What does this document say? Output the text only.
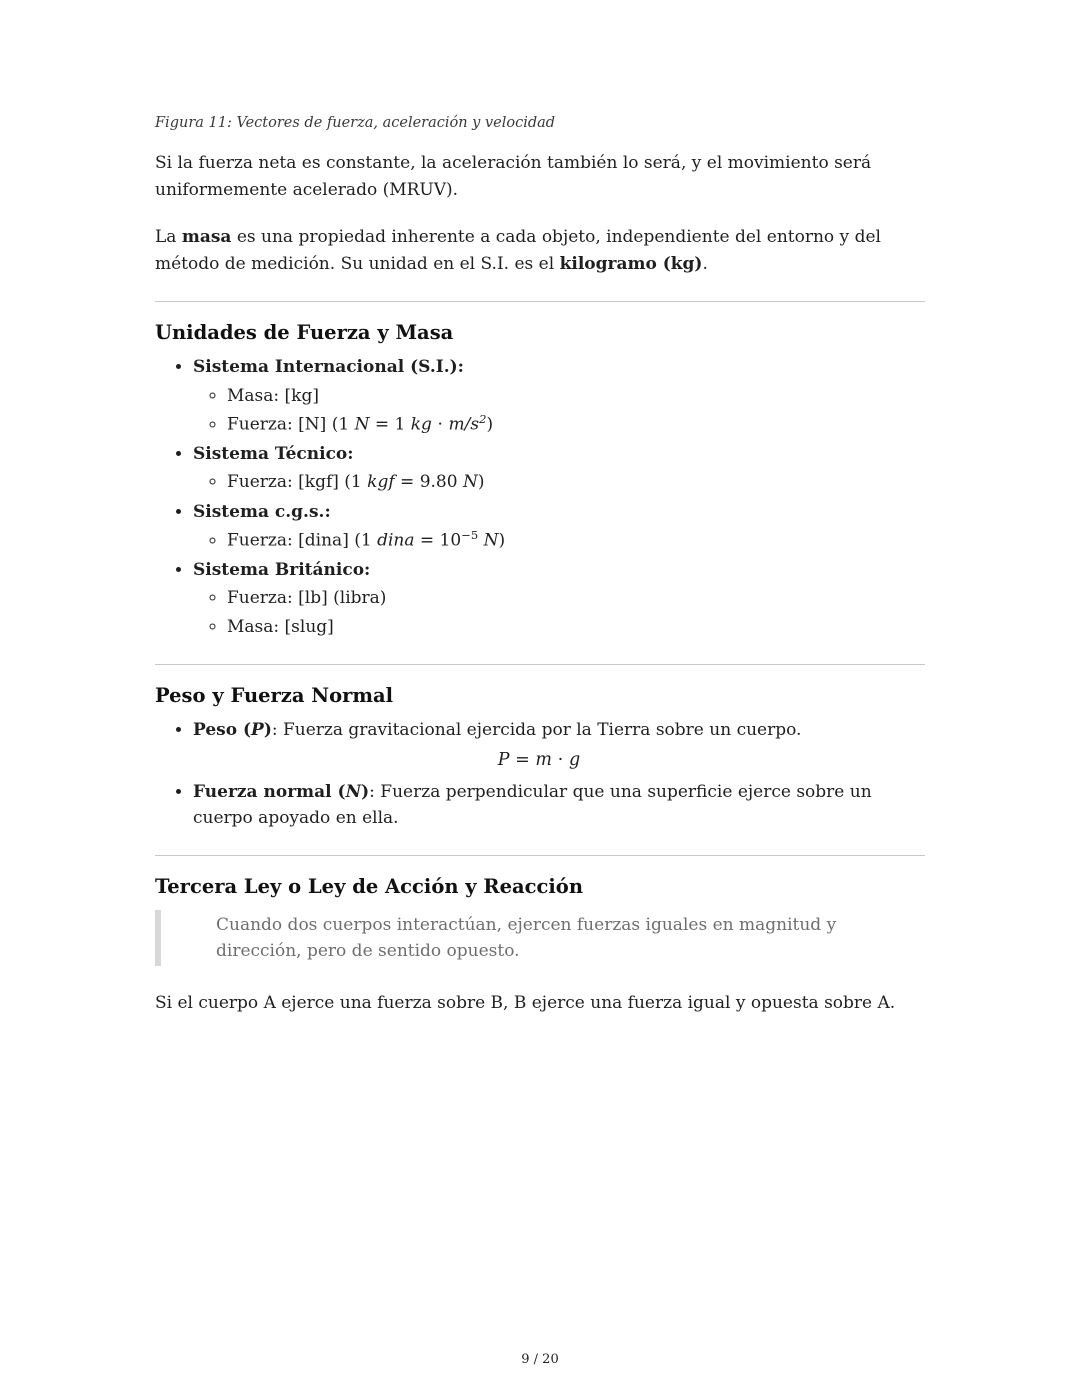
Figura 11: Vectores de fuerza, aceleración y velocidad

Si la fuerza neta es constante, la aceleración también lo será, y el movimiento será uniformemente acelerado (MRUV).

La masa es una propiedad inherente a cada objeto, independiente del entorno y del método de medición. Su unidad en el S.I. es el kilogramo (kg).

Unidades de Fuerza y Masa
• Sistema Internacional (S.I.):
◦ Masa: [kg]
◦ Fuerza: [N] (1 N = 1 kg ⋅ $m/s^2$)
• Sistema Técnico:
◦ Fuerza: [kgf] (1 kgf = 9.80 N)
• Sistema c.g.s.:
◦ Fuerza: [dina] (1 dina = $10^{-5}$ N)
• Sistema Británico:
◦ Fuerza: [lb] (libra)
◦ Masa: [slug]
Peso y Fuerza Normal
• Peso (P): Fuerza gravitacional ejercida por la Tierra sobre un cuerpo.
P = m ⋅ g
• Fuerza normal (N): Fuerza perpendicular que una superficie ejerce sobre un cuerpo apoyado en ella.
Tercera Ley o Ley de Acción y Reacción
Cuando dos cuerpos interactúan, ejercen fuerzas iguales en magnitud y dirección, pero de sentido opuesto.

Si el cuerpo A ejerce una fuerza sobre B, B ejerce una fuerza igual y opuesta sobre A.

9 / 20
